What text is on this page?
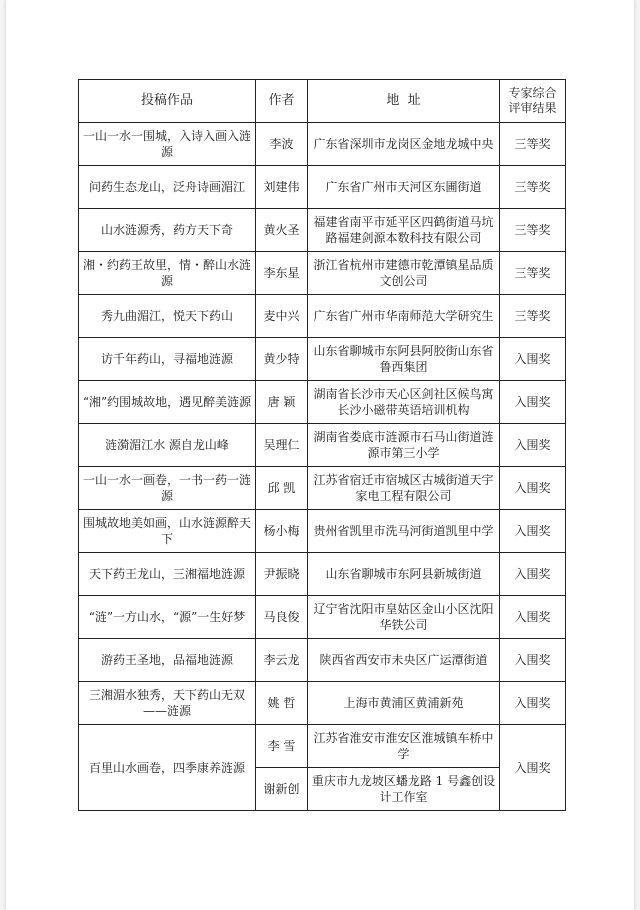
投稿作品	作者	地  址	专家综合评审结果
一山一水一围城，入诗入画入涟源	李波	广东省深圳市龙岗区金地龙城中央	三等奖
问药生态龙山，泛舟诗画湄江	刘建伟	广东省广州市天河区东圃街道	三等奖
山水涟源秀，药方天下奇	黄火圣	福建省南平市延平区四鹤街道马坑路福建剑源本数科技有限公司	三等奖
湘・约药王故里，情・醉山水涟源	李东星	浙江省杭州市建德市乾潭镇星品质文创公司	三等奖
秀九曲湄江，悦天下药山	麦中兴	广东省广州市华南师范大学研究生	三等奖
访千年药山，寻福地涟源	黄少特	山东省聊城市东阿县阿胶街山东省鲁西集团	入围奖
“湘”约围城故地，遇见醉美涟源	唐 颖	湖南省长沙市天心区剑社区候鸟寓长沙小磁带英语培训机构	入围奖
涟漪湄江水 源自龙山峰	吴理仁	湖南省娄底市涟源市石马山街道涟源市第三小学	入围奖
一山一水一画卷，一书一药一涟源	邱 凯	江苏省宿迁市宿城区古城街道天宇家电工程有限公司	入围奖
围城故地美如画，山水涟源醉天下	杨小梅	贵州省凯里市洗马河街道凯里中学	入围奖
天下药王龙山，三湘福地涟源	尹振晓	山东省聊城市东阿县新城街道	入围奖
“涟”一方山水，“源”一生好梦	马良俊	辽宁省沈阳市皇姑区金山小区沈阳华铁公司	入围奖
游药王圣地，品福地涟源	李云龙	陕西省西安市未央区广运潭街道	入围奖
三湘湄水独秀，天下药山无双——涟源	姚 哲	上海市黄浦区黄浦新苑	入围奖
百里山水画卷，四季康养涟源	李 雪	江苏省淮安市淮安区淮城镇车桥中学	入围奖
	谢新创	重庆市九龙坡区蟠龙路 1 号鑫创设计工作室	
